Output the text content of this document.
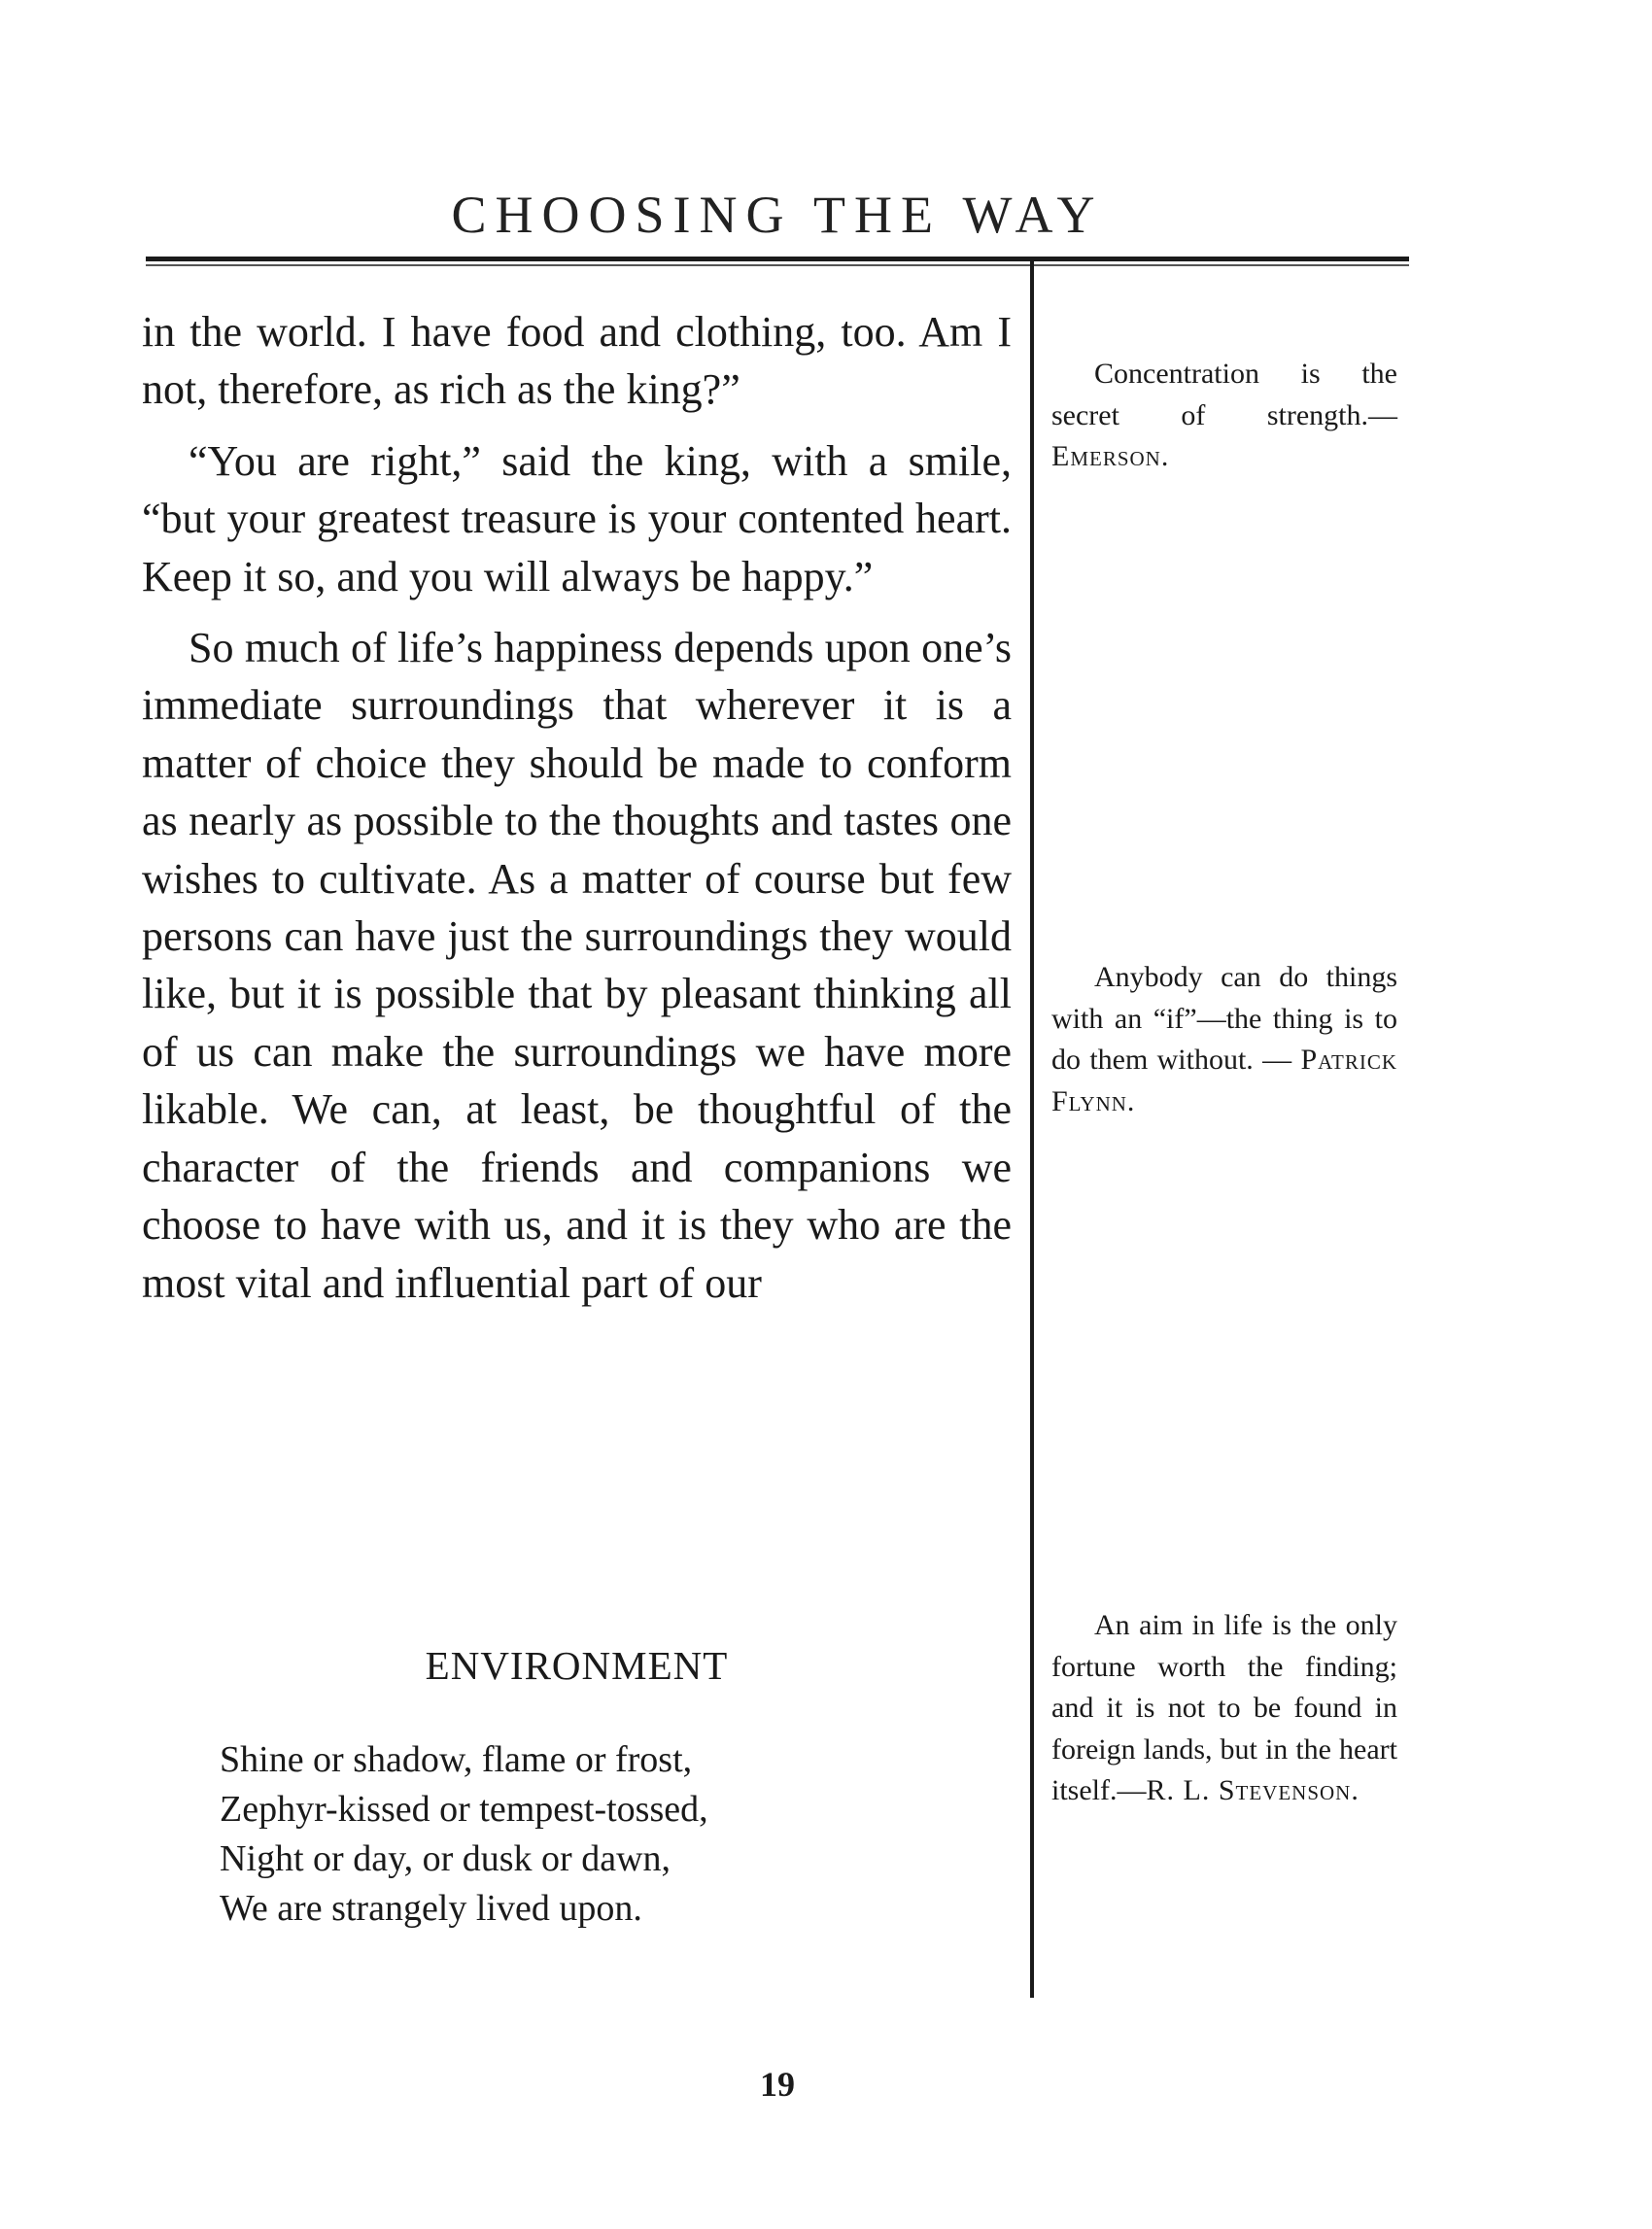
CHOOSING THE WAY

in the world. I have food and clothing, too. Am I not, therefore, as rich as the king?”

“You are right,” said the king, with a smile, “but your greatest treasure is your contented heart. Keep it so, and you will always be happy.”

So much of life’s happiness depends upon one’s immediate surroundings that wherever it is a matter of choice they should be made to conform as nearly as possible to the thoughts and tastes one wishes to cultivate. As a matter of course but few persons can have just the surroundings they would like, but it is possible that by pleasant thinking all of us can make the surroundings we have more likable. We can, at least, be thoughtful of the character of the friends and companions we choose to have with us, and it is they who are the most vital and influential part of our

ENVIRONMENT
Shine or shadow, flame or frost,
Zephyr-kissed or tempest-tossed,
Night or day, or dusk or dawn,
We are strangely lived upon.

Concentration is the secret of strength.—Emerson.

Anybody can do things with an “if”—the thing is to do them without. — Patrick Flynn.

An aim in life is the only fortune worth the finding; and it is not to be found in foreign lands, but in the heart itself.—R. L. Stevenson.

19
